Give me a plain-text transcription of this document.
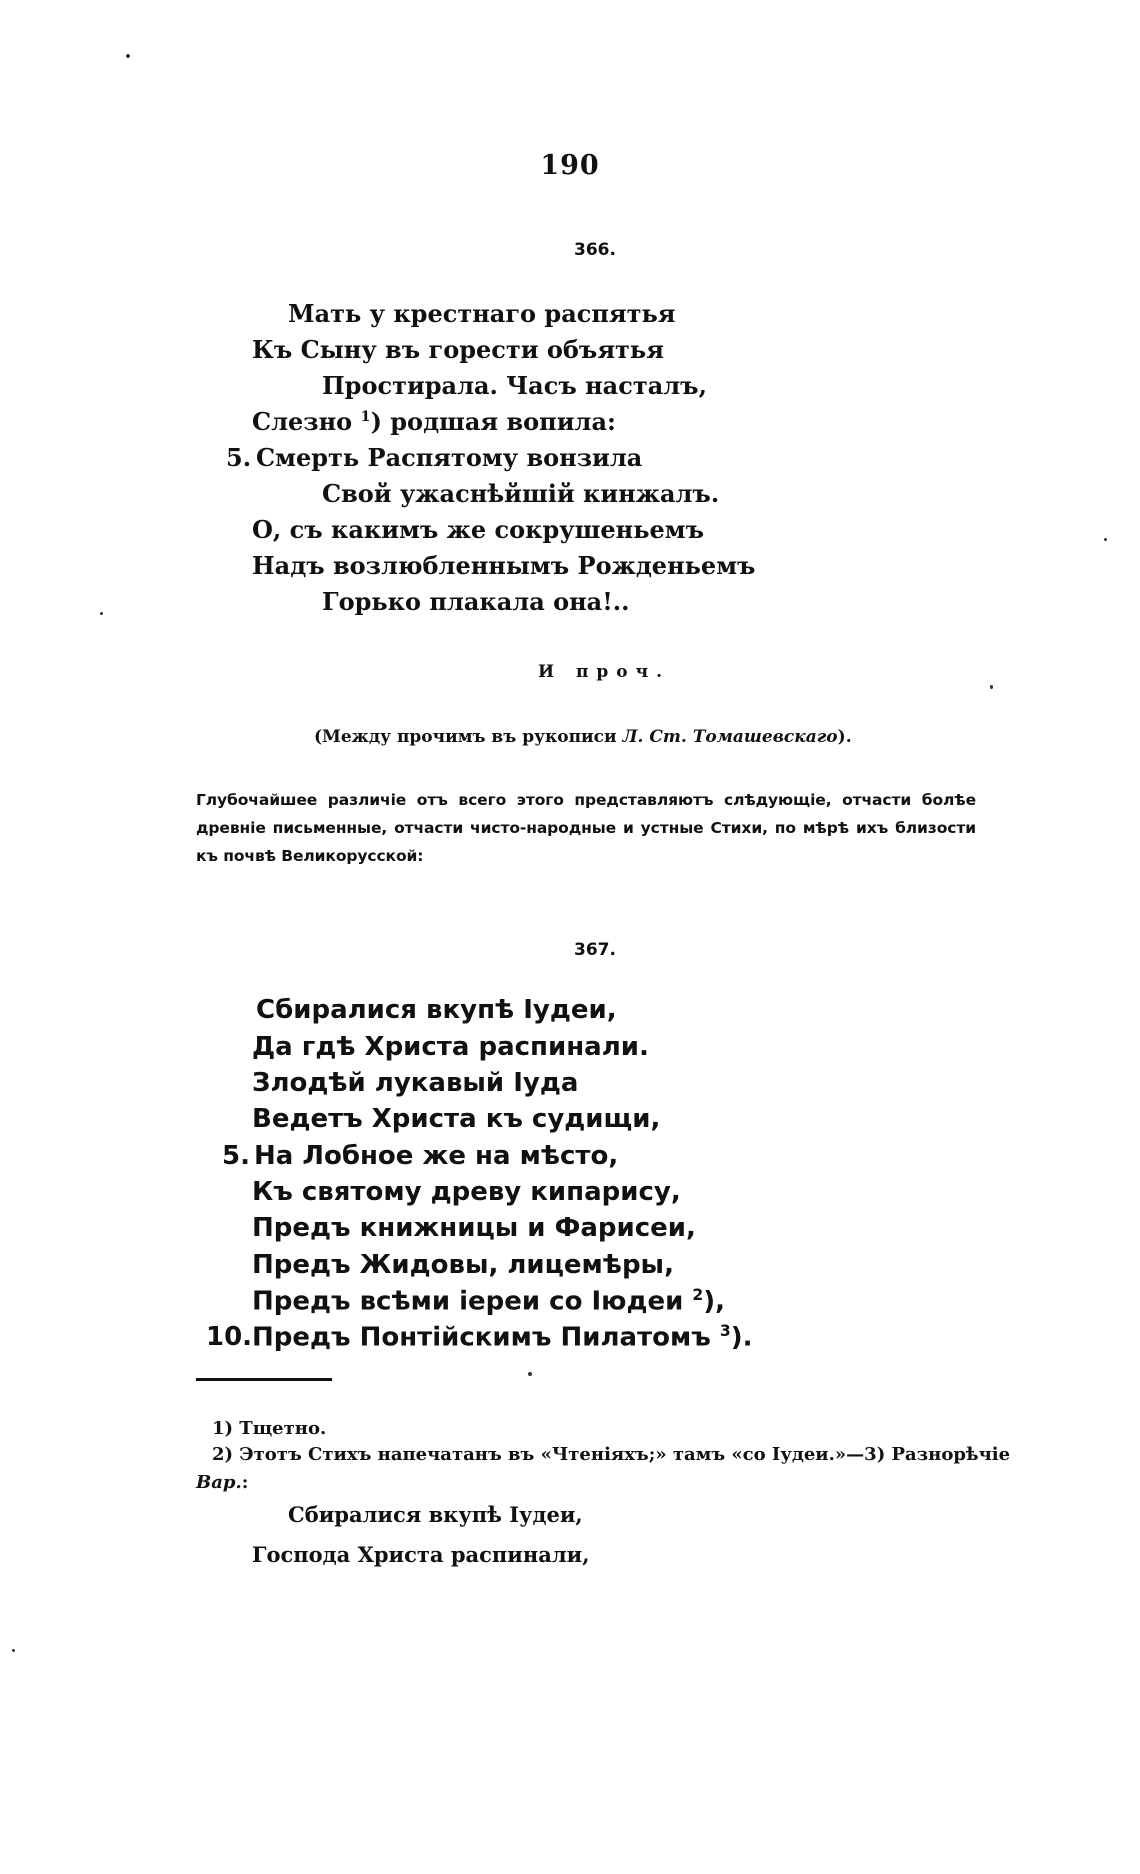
190
366.
Мать у крестнаго распятья
Къ Сыну въ горести объятья
Простирала. Часъ насталъ,
Слезно $^1$) родшая вопила:
5. Смерть Распятому вонзила
Свой ужаснѣйшій кинжалъ.
О, съ какимъ же сокрушеньемъ
Надъ возлюбленнымъ Рожденьемъ
Горько плакала она!..
И проч.
(Между прочимъ въ рукописи Л. Ст. Томашевскаго).
Глубочайшее различіе отъ всего этого представляютъ слѣдующіе, отчасти болѣе древніе письменные, отчасти чисто-народные и устные Стихи, по мѣрѣ ихъ близости къ почвѣ Великорусской:
367.
Сбиралися вкупѣ Іудеи,
Да гдѣ Христа распинали.
Злодѣй лукавый Іуда
Ведетъ Христа къ судищи,
5. На Лобное же на мѣсто,
Къ святому древу кипарису,
Предъ книжницы и Фарисеи,
Предъ Жидовы, лицемѣры,
Предъ всѣми іереи со Іюдеи $^2$),
10. Предъ Понтійскимъ Пилатомъ $^3$).
1) Тщетно.
2) Этотъ Стихъ напечатанъ въ «Чтеніяхъ;» тамъ «со Іудеи.»—3) Разнорѣчіе
Вар.:
Сбиралися вкупѣ Іудеи,
Господа Христа распинали,
